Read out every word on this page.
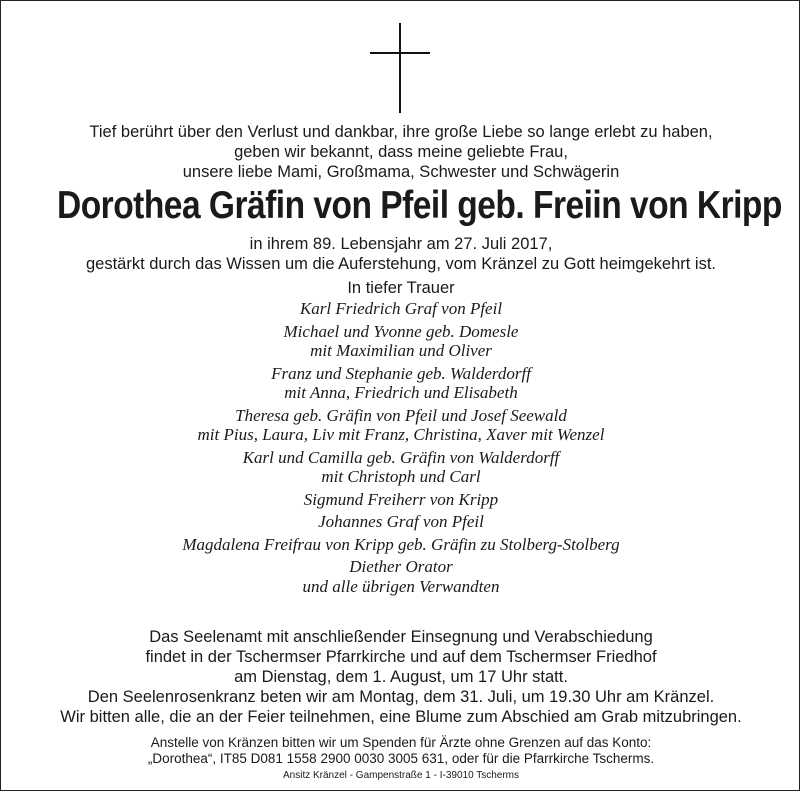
Tief berührt über den Verlust und dankbar, ihre große Liebe so lange erlebt zu haben,
geben wir bekannt, dass meine geliebte Frau,
unsere liebe Mami, Großmama, Schwester und Schwägerin
Dorothea Gräfin von Pfeil geb. Freiin von Kripp
in ihrem 89. Lebensjahr am 27. Juli 2017,
gestärkt durch das Wissen um die Auferstehung, vom Kränzel zu Gott heimgekehrt ist.
In tiefer Trauer
Karl Friedrich Graf von Pfeil
Michael und Yvonne geb. Domesle
mit Maximilian und Oliver
Franz und Stephanie geb. Walderdorff
mit Anna, Friedrich und Elisabeth
Theresa geb. Gräfin von Pfeil und Josef Seewald
mit Pius, Laura, Liv mit Franz, Christina, Xaver mit Wenzel
Karl und Camilla geb. Gräfin von Walderdorff
mit Christoph und Carl
Sigmund Freiherr von Kripp
Johannes Graf von Pfeil
Magdalena Freifrau von Kripp geb. Gräfin zu Stolberg-Stolberg
Diether Orator
und alle übrigen Verwandten
Das Seelenamt mit anschließender Einsegnung und Verabschiedung
findet in der Tschermser Pfarrkirche und auf dem Tschermser Friedhof
am Dienstag, dem 1. August, um 17 Uhr statt.
Den Seelenrosenkranz beten wir am Montag, dem 31. Juli, um 19.30 Uhr am Kränzel.
Wir bitten alle, die an der Feier teilnehmen, eine Blume zum Abschied am Grab mitzubringen.
Anstelle von Kränzen bitten wir um Spenden für Ärzte ohne Grenzen auf das Konto:
„Dorothea“, IT85 D081 1558 2900 0030 3005 631, oder für die Pfarrkirche Tscherms.
Ansitz Kränzel - Gampenstraße 1 - I-39010 Tscherms
